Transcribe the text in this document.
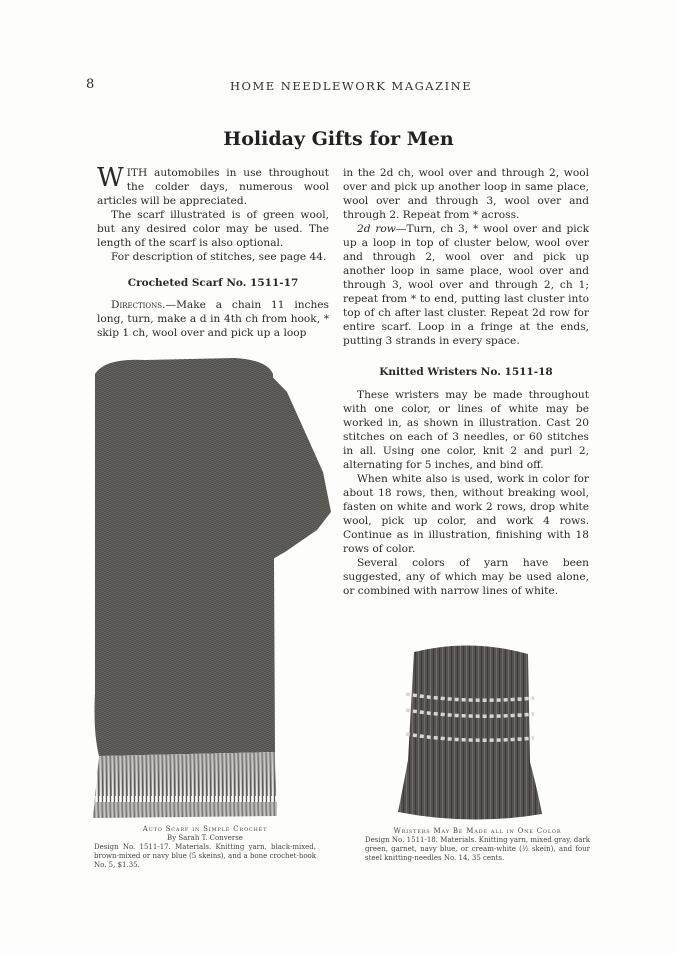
8	HOME NEEDLEWORK MAGAZINE
Holiday Gifts for Men

WITH automobiles in use throughout the colder days, numerous wool articles will be appreciated.

The scarf illustrated is of green wool, but any desired color may be used. The length of the scarf is also optional.

For description of stitches, see page 44.

Crocheted Scarf No. 1511-17

Directions.—Make a chain 11 inches long, turn, make a d in 4th ch from hook, * skip 1 ch, wool over and pick up a loop

in the 2d ch, wool over and through 2, wool over and pick up another loop in same place, wool over and through 3, wool over and through 2. Repeat from * across.

2d row—Turn, ch 3, * wool over and pick up a loop in top of cluster below, wool over and through 2, wool over and pick up another loop in same place, wool over and through 3, wool over and through 2, ch 1; repeat from * to end, putting last cluster into top of ch after last cluster. Repeat 2d row for entire scarf. Loop in a fringe at the ends, putting 3 strands in every space.

Knitted Wristers No. 1511-18

These wristers may be made throughout with one color, or lines of white may be worked in, as shown in illustration. Cast 20 stitches on each of 3 needles, or 60 stitches in all. Using one color, knit 2 and purl 2, alternating for 5 inches, and bind off.

When white also is used, work in color for about 18 rows, then, without breaking wool, fasten on white and work 2 rows, drop white wool, pick up color, and work 4 rows. Continue as in illustration, finishing with 18 rows of color.

Several colors of yarn have been suggested, any of which may be used alone, or combined with narrow lines of white.

Auto Scarf in Simple Crochet
By Sarah T. Converse
Design No. 1511-17. Materials. Knitting yarn, black-mixed, brown-mixed or navy blue (5 skeins), and a bone crochet-hook No. 5, $1.35.
Wristers May Be Made all in One Color
Design No. 1511-18. Materials. Knitting yarn, mixed gray, dark green, garnet, navy blue, or cream-white (½ skein), and four steel knitting-needles No. 14, 35 cents.
